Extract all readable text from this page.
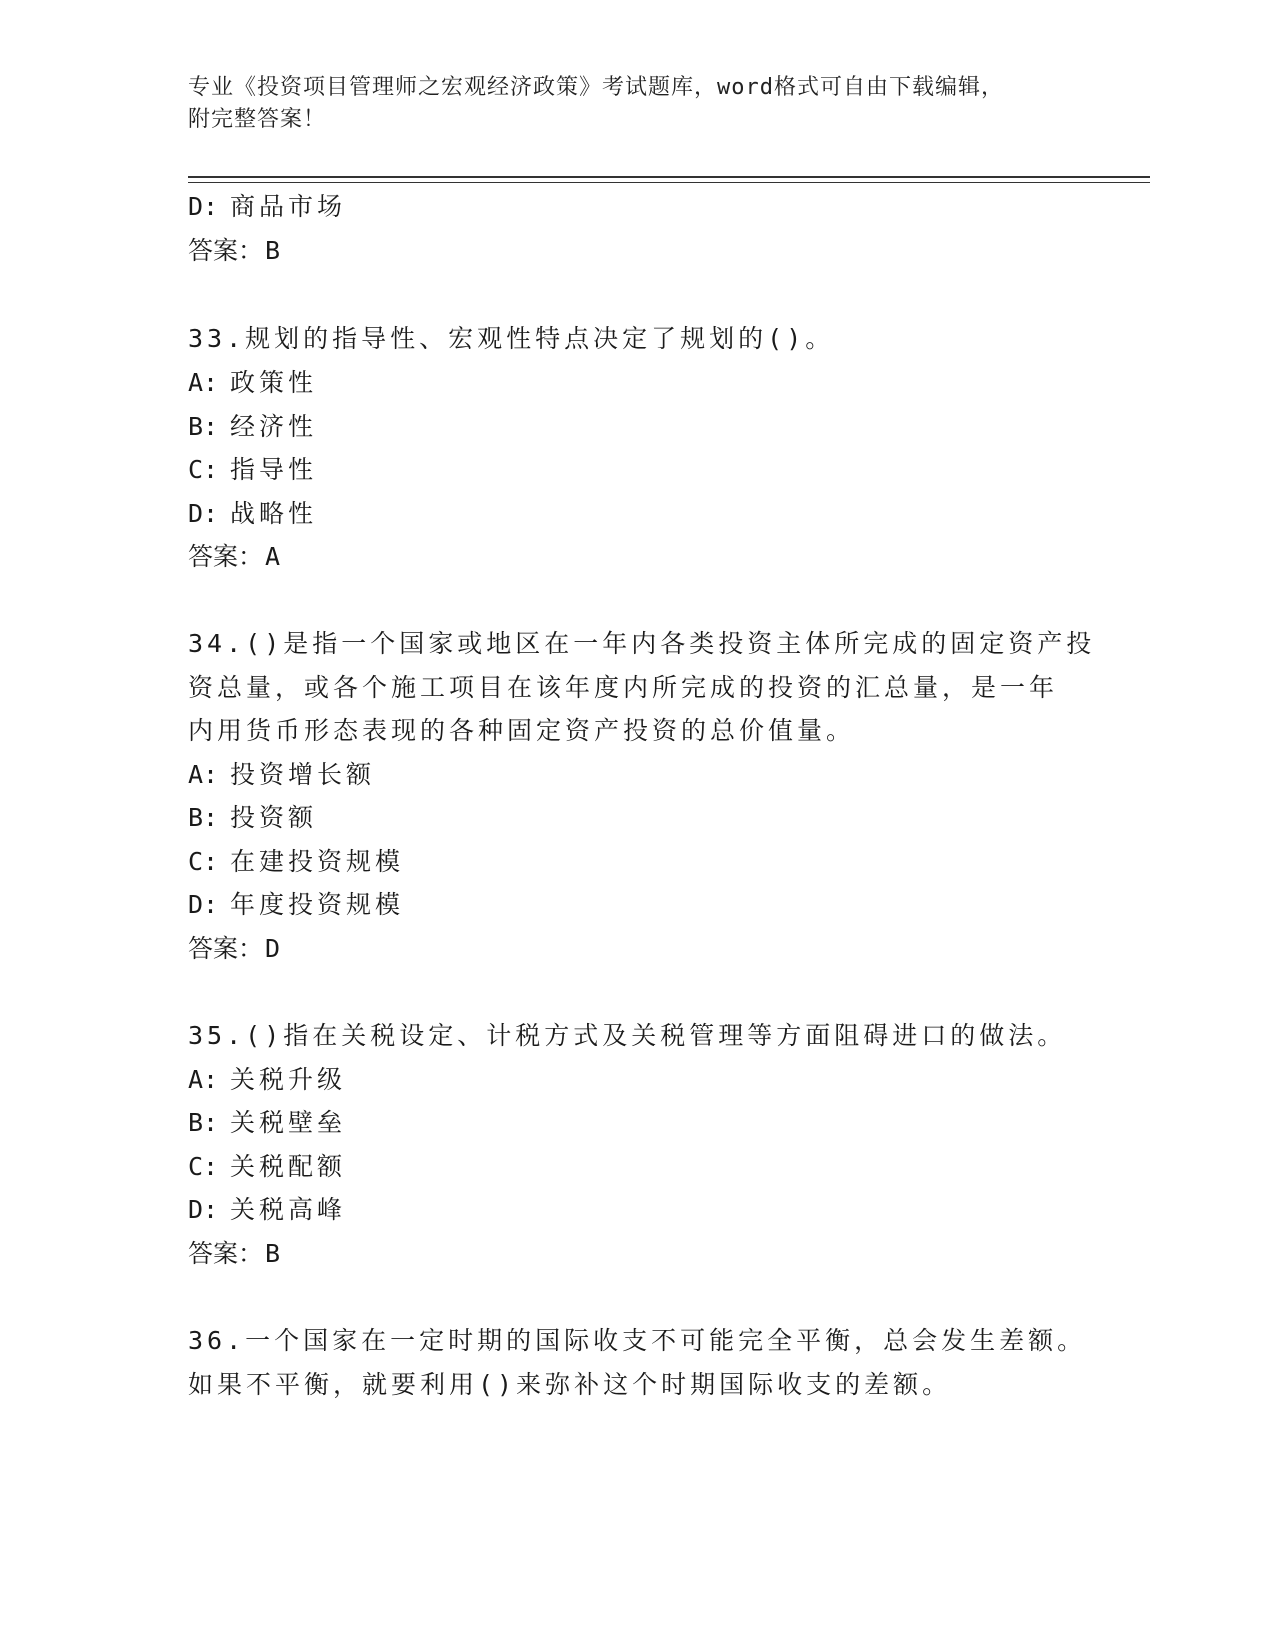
专业《投资项目管理师之宏观经济政策》考试题库，word格式可自由下载编辑，
附完整答案！
D: 商品市场
答案：B
33.规划的指导性、宏观性特点决定了规划的()。
A: 政策性
B: 经济性
C: 指导性
D: 战略性
答案：A
34.()是指一个国家或地区在一年内各类投资主体所完成的固定资产投
资总量，或各个施工项目在该年度内所完成的投资的汇总量，是一年
内用货币形态表现的各种固定资产投资的总价值量。
A: 投资增长额
B: 投资额
C: 在建投资规模
D: 年度投资规模
答案：D
35.()指在关税设定、计税方式及关税管理等方面阻碍进口的做法。
A: 关税升级
B: 关税壁垒
C: 关税配额
D: 关税高峰
答案：B
36.一个国家在一定时期的国际收支不可能完全平衡，总会发生差额。
如果不平衡，就要利用()来弥补这个时期国际收支的差额。
